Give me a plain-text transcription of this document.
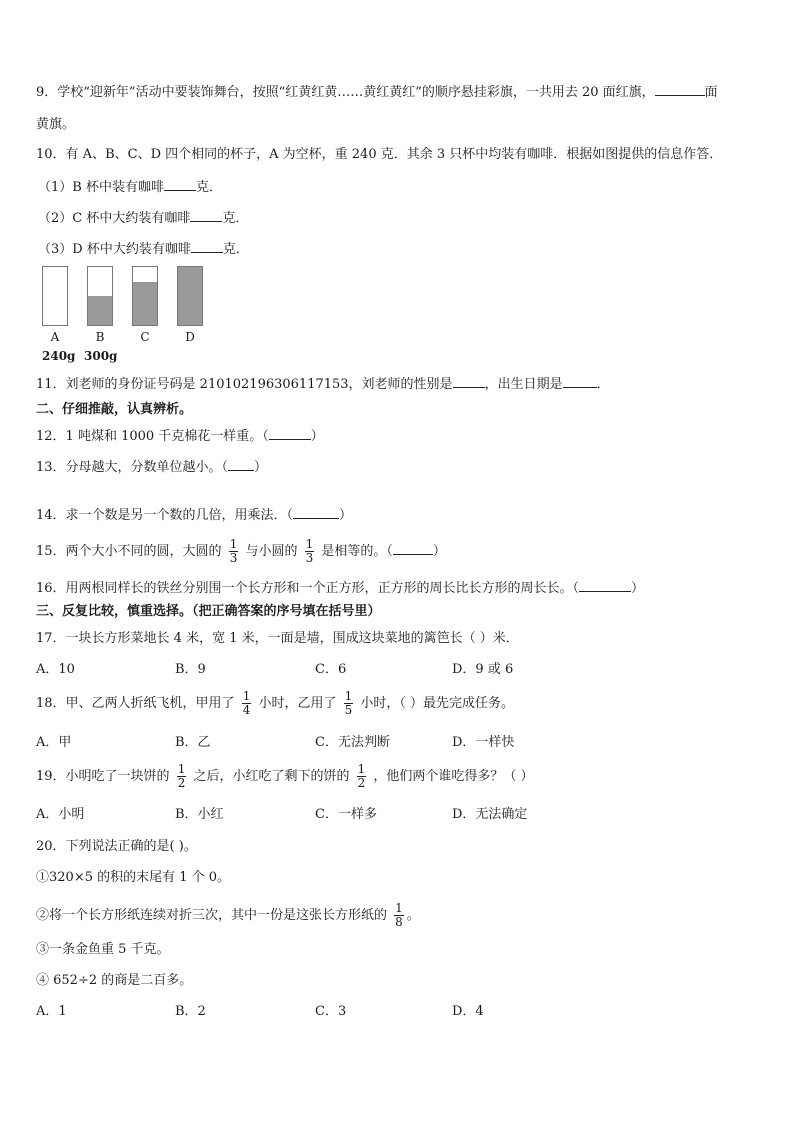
9．学校“迎新年”活动中要装饰舞台，按照“红黄红黄……黄红黄红”的顺序悬挂彩旗，一共用去 20 面红旗，	面
黄旗。
10．有 A、B、C、D 四个相同的杯子，A 为空杯，重 240 克．其余 3 只杯中均装有咖啡．根据如图提供的信息作答．
（1）B 杯中装有咖啡 克．
（2）C 杯中大约装有咖啡 克．
（3）D 杯中大约装有咖啡 克．
A	B	C	D
240g 300g
11．刘老师的身份证号码是 210102196306117153，刘老师的性别是 ，出生日期是	．
二、仔细推敲，认真辨析。
12．1 吨煤和 1000 千克棉花一样重。（	）
13．分母越大，分数单位越小。（ ）
14．求一个数是另一个数的几倍，用乘法．（	）
15．两个大小不同的圆，大圆的 $\frac{1}{3}$ 与小圆的 $\frac{1}{3}$ 是相等的。（	）
16．用两根同样长的铁丝分别围一个长方形和一个正方形，正方形的周长比长方形的周长长。（	）
三、反复比较，慎重选择。（把正确答案的序号填在括号里）
17．一块长方形菜地长 4 米，宽 1 米，一面是墙，围成这块菜地的篱笆长（ ）米．
A．10	B．9	C．6	D．9 或 6
18．甲、乙两人折纸飞机，甲用了 $\frac{1}{4}$ 小时，乙用了 $\frac{1}{5}$ 小时，（ ）最先完成任务。
A．甲	B．乙	C．无法判断	D．一样快
19．小明吃了一块饼的 $\frac{1}{2}$ 之后，小红吃了剩下的饼的 $\frac{1}{2}$ ，他们两个谁吃得多？（ ）
A．小明	B．小红	C．一样多	D．无法确定
20．下列说法正确的是( )。
①320×5 的积的末尾有 1 个 0。
②将一个长方形纸连续对折三次，其中一份是这张长方形纸的 $\frac{1}{8}$ 。
③一条金鱼重 5 千克。
④ 652÷2 的商是二百多。
A．1	B．2	C．3	D．4
